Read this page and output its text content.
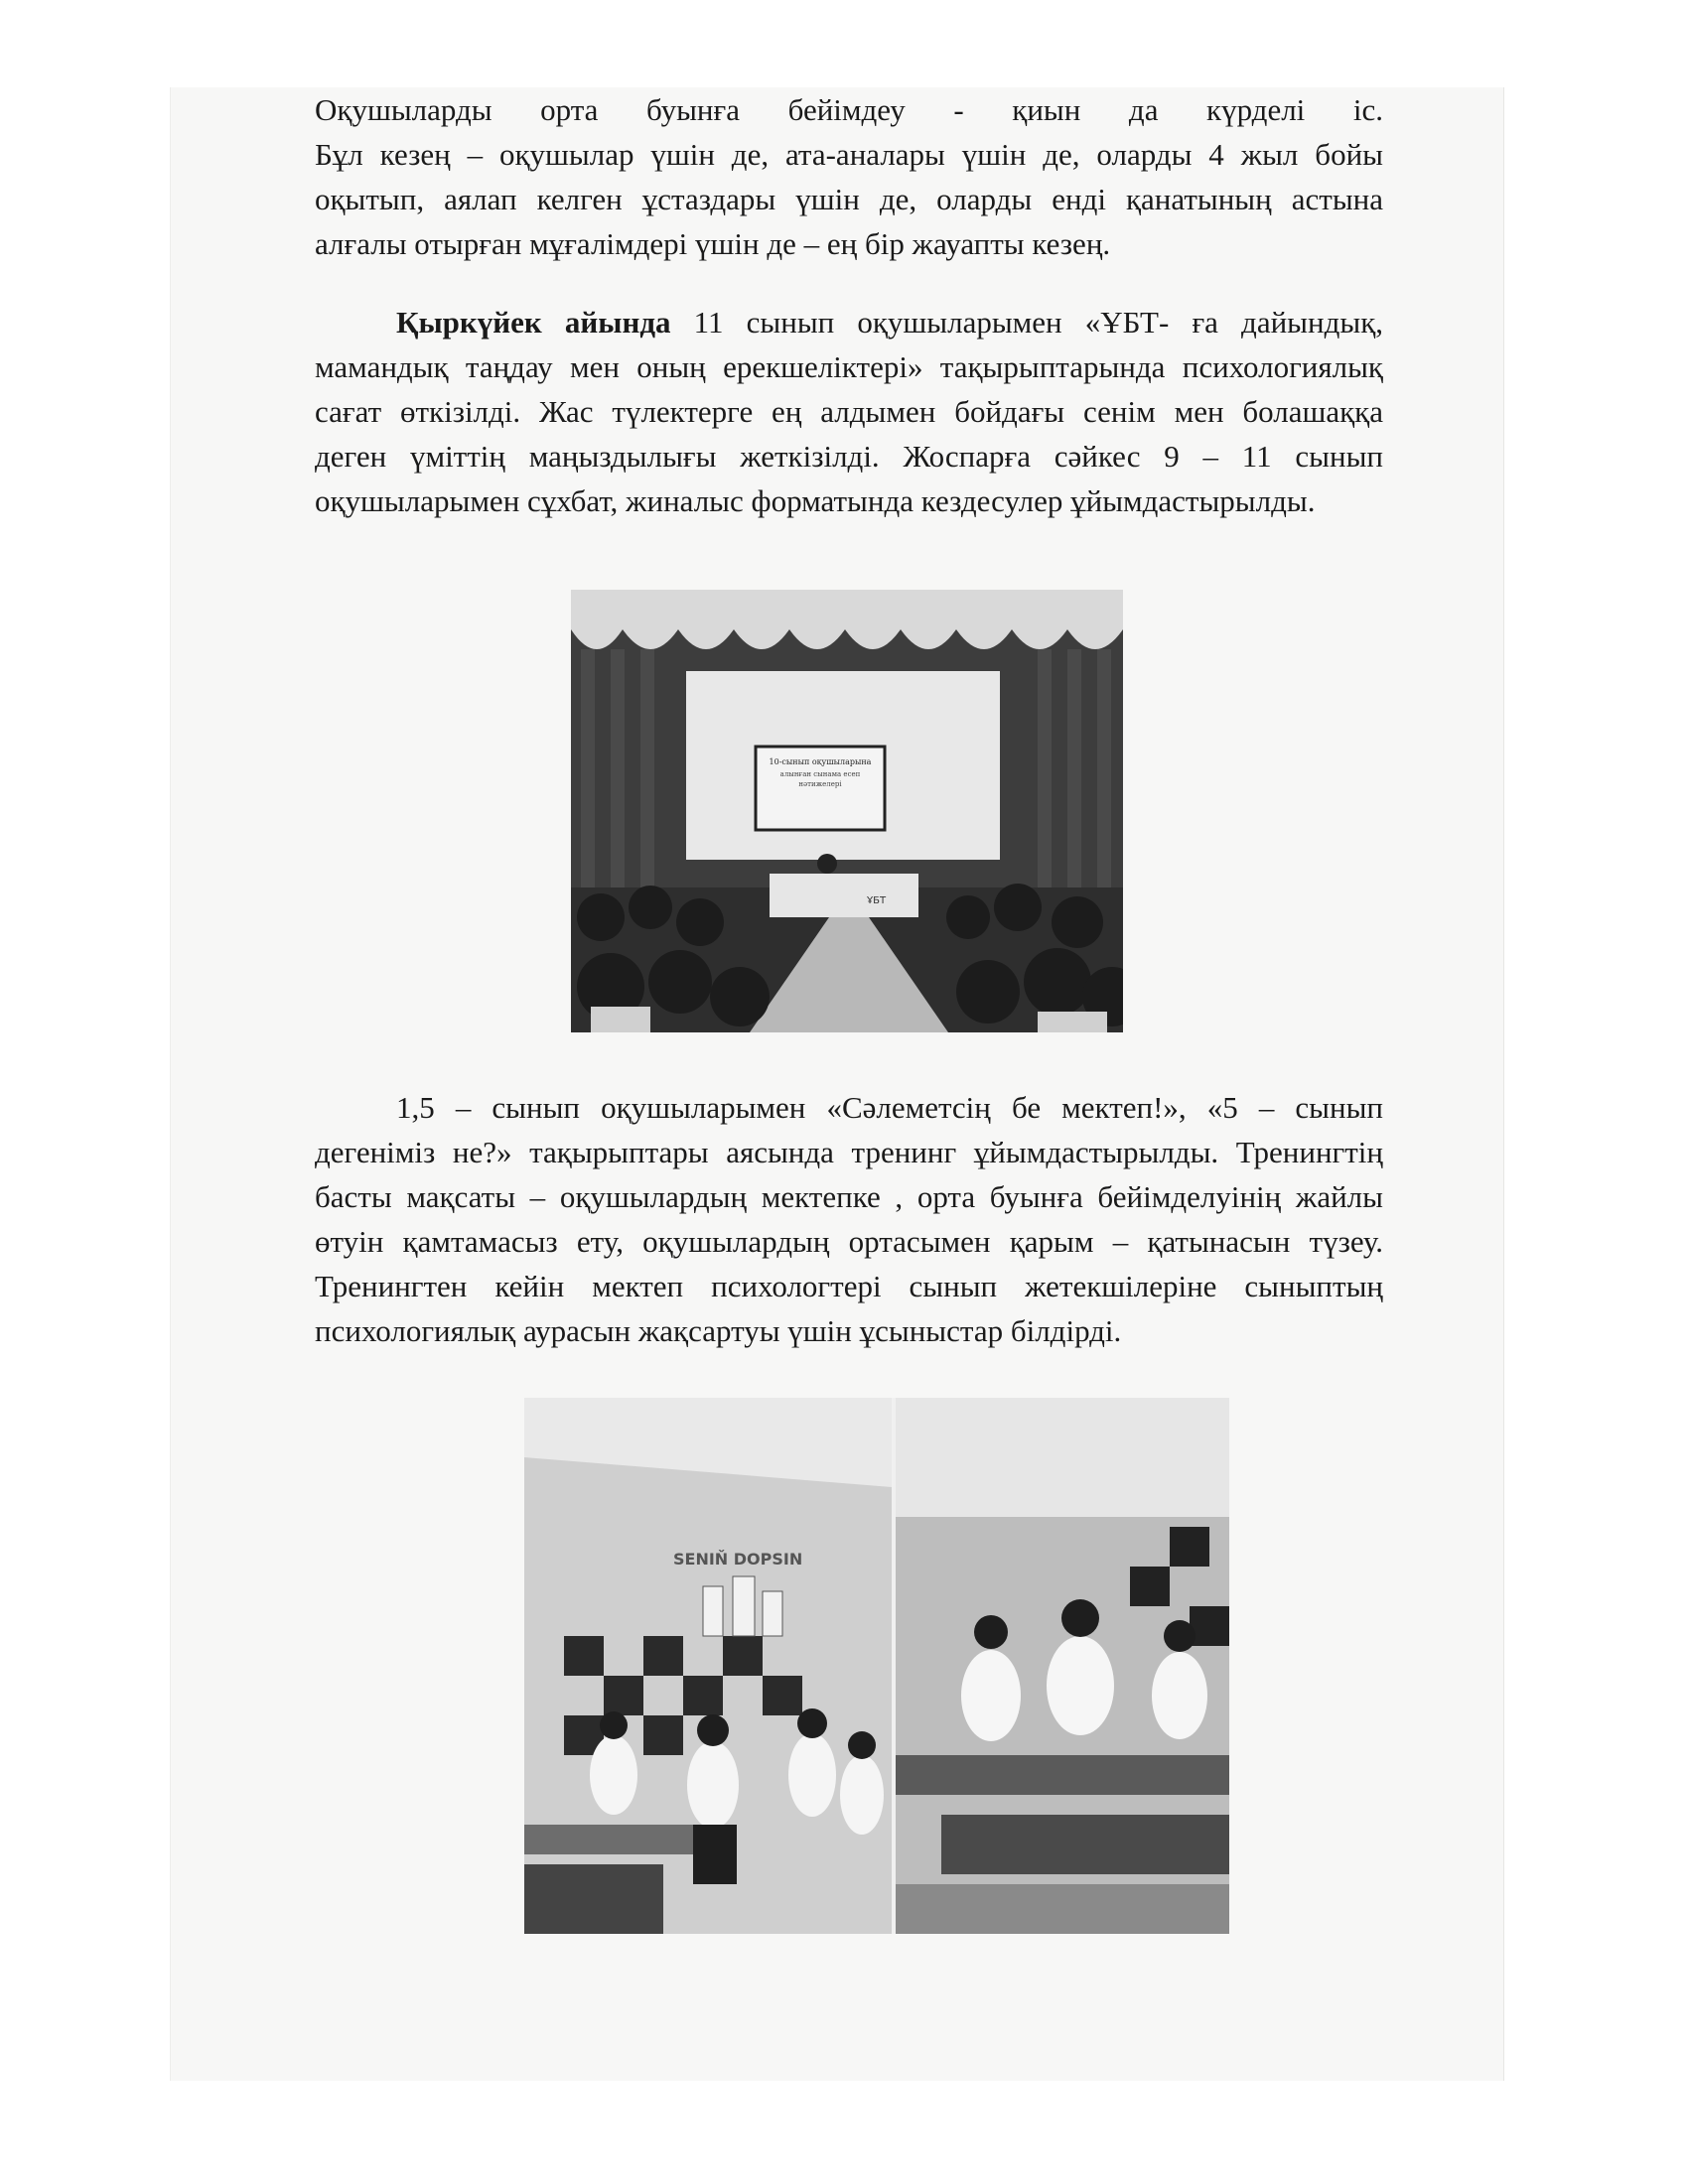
Оқушыларды орта буынға бейімдеу - қиын да күрделі іс.
Бұл кезең – оқушылар үшін де, ата-аналары үшін де, оларды 4 жыл бойы
оқытып, аялап келген ұстаздары үшін де, оларды енді қанатының астына
алғалы отырған мұғалімдері үшін де – ең бір жауапты кезең.

Қыркүйек айында 11 сынып оқушыларымен «ҰБТ- ға дайындық,
мамандық таңдау мен оның ерекшеліктері» тақырыптарында психологиялық
сағат өткізілді. Жас түлектерге ең алдымен бойдағы сенім мен болашаққа
деген үміттің маңыздылығы жеткізілді. Жоспарға сәйкес 9 – 11 сынып
оқушыларымен сұхбат, жиналыс форматында кездесулер ұйымдастырылды.

10-сынып оқушыларына
алынған сынама есеп
нәтижелері
ҰБТ

1,5 – сынып оқушыларымен «Сәлеметсің бе мектеп!», «5 – сынып
дегеніміз не?» тақырыптары аясында тренинг ұйымдастырылды. Тренингтің
басты мақсаты – оқушылардың мектепке , орта буынға бейімделуінің жайлы
өтуін қамтамасыз ету, оқушылардың ортасымен қарым – қатынасын түзеу.
Тренингтен кейін мектеп психологтері сынып жетекшілеріне сыныптың
психологиялық аурасын жақсартуы үшін ұсыныстар білдірді.

SENIŇ DOPSIN
